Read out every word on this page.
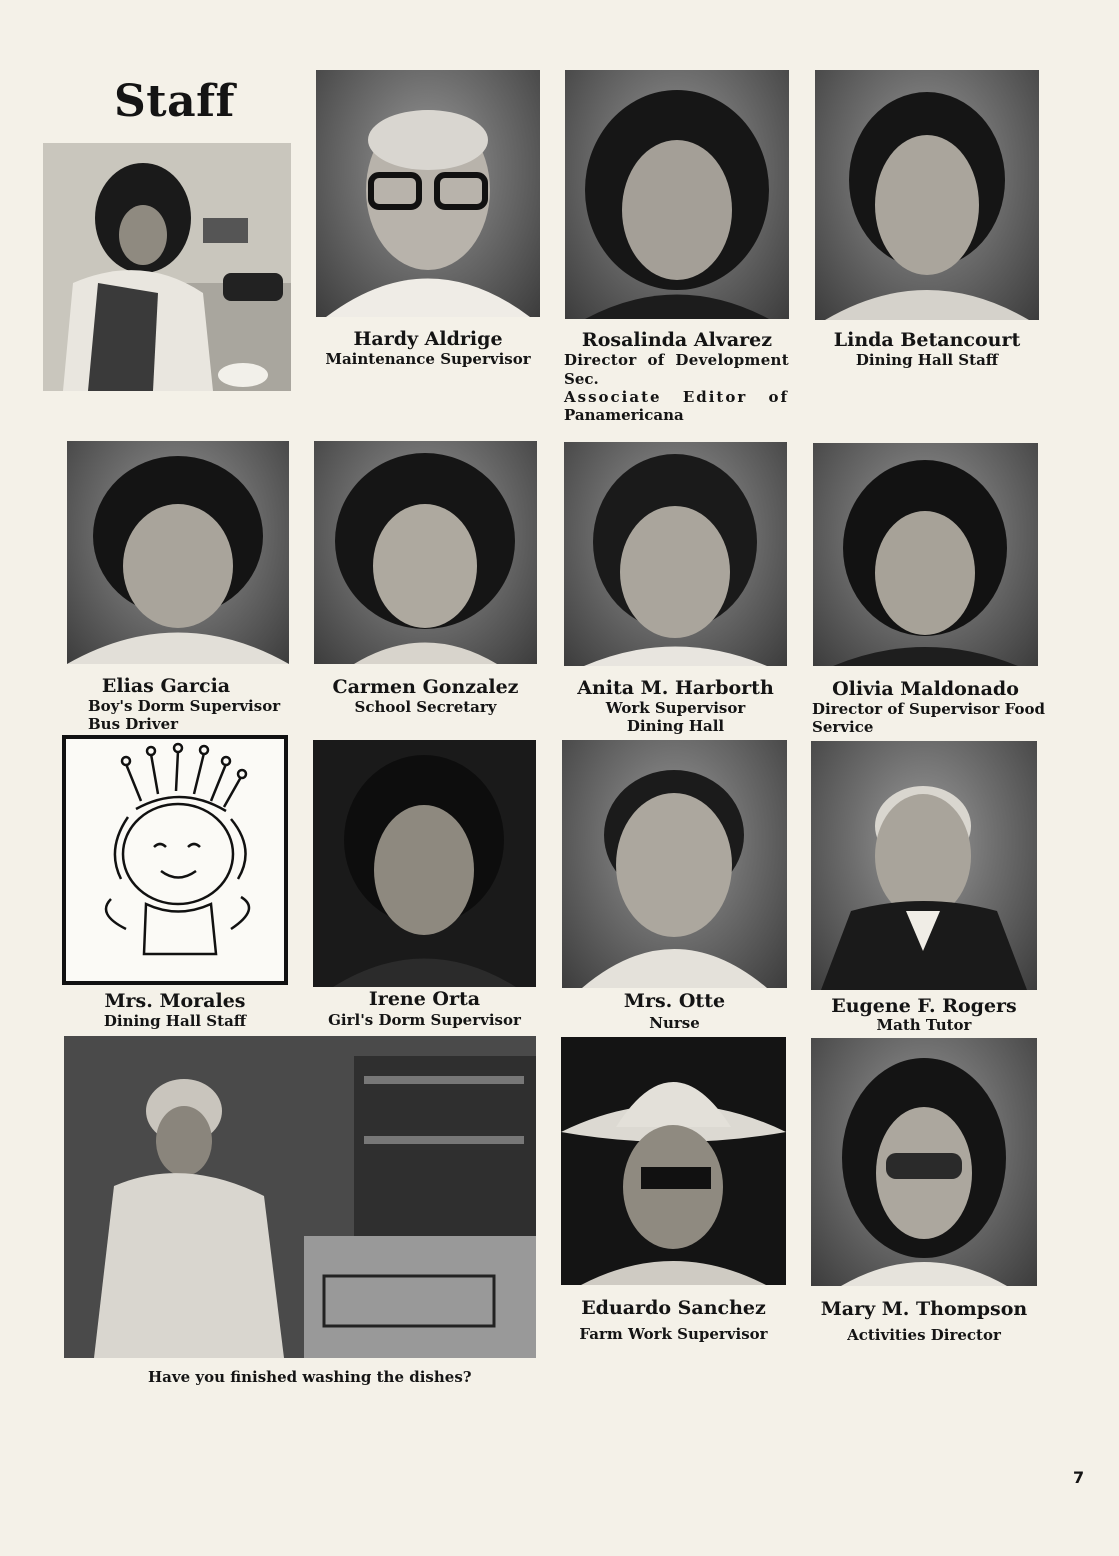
Staff
Hardy Aldrige
Maintenance Supervisor
Rosalinda Alvarez
Director of Development
Sec.
Associate Editor of
Panamericana
Linda Betancourt
Dining Hall Staff
Elias Garcia
Boy's Dorm Supervisor
Bus Driver
Carmen Gonzalez
School Secretary
Anita M. Harborth
Work Supervisor
Dining Hall
Olivia Maldonado
Director of Supervisor Food
Service
Mrs. Morales
Dining Hall Staff
Irene Orta
Girl's Dorm Supervisor
Mrs. Otte
Nurse
Eugene F. Rogers
Math Tutor
Have you finished washing the dishes?
Eduardo Sanchez
Farm Work Supervisor
Mary M. Thompson
Activities Director
7
